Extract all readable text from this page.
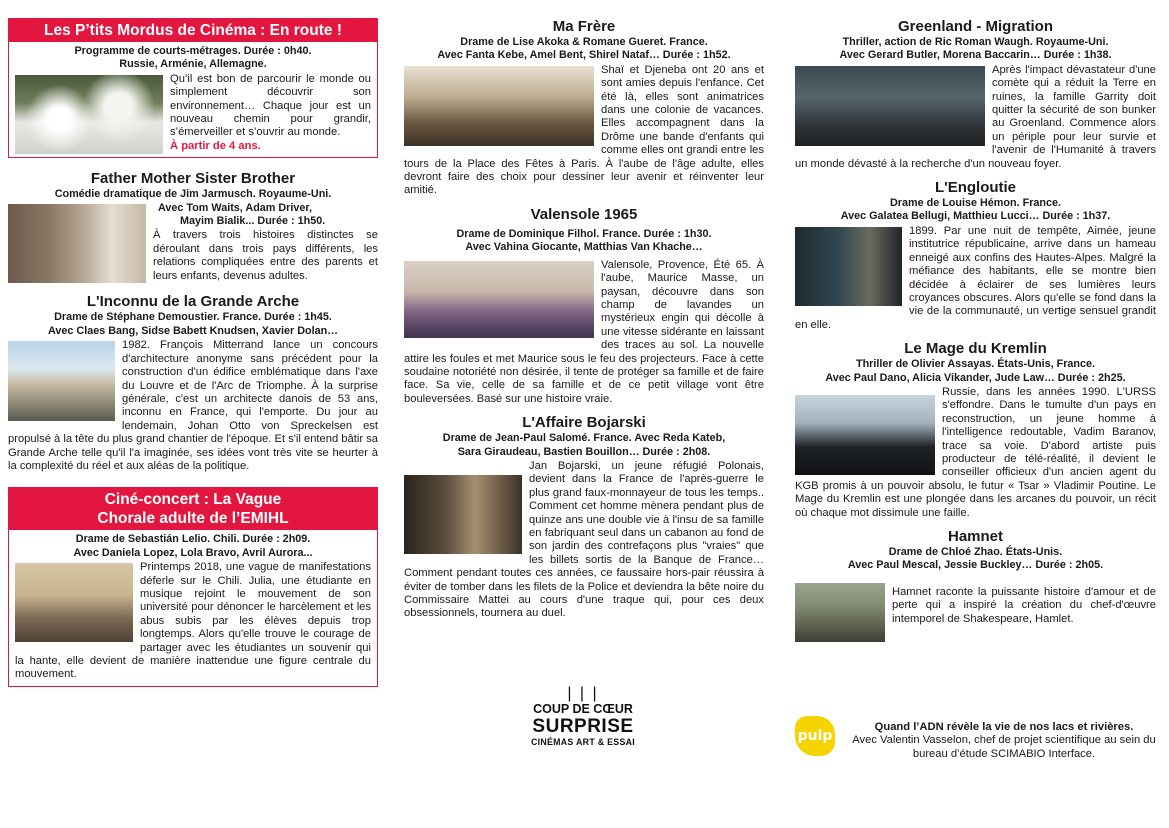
Les P’tits Mordus de Cinéma : En route !

Programme de courts-métrages. Durée : 0h40.

Russie, Arménie, Allemagne.

Qu’il est bon de parcourir le monde ou simplement découvrir son environnement… Chaque jour est un nouveau chemin pour grandir, s’émerveiller et s’ouvrir au monde.

À partir de 4 ans.

Father Mother Sister Brother

Comédie dramatique de Jim Jarmusch. Royaume-Uni.

Avec Tom Waits, Adam Driver,

Mayim Bialik... Durée : 1h50.

À travers trois histoires distinctes se déroulant dans trois pays différents, les relations compliquées entre des parents et leurs enfants, devenus adultes.

L'Inconnu de la Grande Arche

Drame de Stéphane Demoustier. France. Durée : 1h45.

Avec Claes Bang, Sidse Babett Knudsen, Xavier Dolan…

1982. François Mitterrand lance un concours d'architecture anonyme sans précédent pour la construction d'un édifice emblématique dans l'axe du Louvre et de l'Arc de Triomphe. À la surprise générale, c'est un architecte danois de 53 ans, inconnu en France, qui l'emporte. Du jour au lendemain, Johan Otto von Spreckelsen est propulsé à la tête du plus grand chantier de l'époque. Et s'il entend bâtir sa Grande Arche telle qu'il l'a imaginée, ses idées vont très vite se heurter à la complexité du réel et aux aléas de la politique.

Ciné-concert : La Vague
Chorale adulte de l’EMIHL

Drame de Sebastián Lelio. Chili. Durée : 2h09.

Avec Daniela Lopez, Lola Bravo, Avril Aurora...

Printemps 2018, une vague de manifestations déferle sur le Chili. Julia, une étudiante en musique rejoint le mouvement de son université pour dénoncer le harcèlement et les abus subis par les élèves depuis trop longtemps. Alors qu'elle trouve le courage de partager avec les étudiantes un souvenir qui la hante, elle devient de manière inattendue une figure centrale du mouvement.

Ma Frère

Drame de Lise Akoka & Romane Gueret. France.

Avec Fanta Kebe, Amel Bent, Shirel Nataf… Durée : 1h52.

Shaï et Djeneba ont 20 ans et sont amies depuis l'enfance. Cet été là, elles sont animatrices dans une colonie de vacances. Elles accompagnent dans la Drôme une bande d'enfants qui comme elles ont grandi entre les tours de la Place des Fêtes à Paris. À l'aube de l'âge adulte, elles devront faire des choix pour dessiner leur avenir et réinventer leur amitié.

Valensole 1965

Drame de Dominique Filhol. France. Durée : 1h30.

Avec Vahina Giocante, Matthias Van Khache…

Valensole, Provence, Été 65. À l'aube, Maurice Masse, un paysan, découvre dans son champ de lavandes un mystérieux engin qui décolle à une vitesse sidérante en laissant des traces au sol. La nouvelle attire les foules et met Maurice sous le feu des projecteurs. Face à cette soudaine notoriété non désirée, il tente de protéger sa famille et de faire face. Sa vie, celle de sa famille et de ce petit village vont être bouleversées. Basé sur une histoire vraie.

L'Affaire Bojarski

Drame de Jean-Paul Salomé. France. Avec Reda Kateb,

Sara Giraudeau, Bastien Bouillon… Durée : 2h08.

Jan Bojarski, un jeune réfugié Polonais, devient dans la France de l'après-guerre le plus grand faux-monnayeur de tous les temps.. Comment cet homme mènera pendant plus de quinze ans une double vie à l'insu de sa famille en fabriquant seul dans un cabanon au fond de son jardin des contrefaçons plus "vraies" que les billets sortis de la Banque de France… Comment pendant toutes ces années, ce faussaire hors-pair réussira à éviter de tomber dans les filets de la Police et deviendra la bête noire du Commissaire Mattei au cours d'une traque qui, pour ces deux obsessionnels, tournera au duel.

| | |
COUP DE CŒUR
SURPRISE
CINÉMAS ART & ESSAI

Greenland - Migration

Thriller, action de Ric Roman Waugh. Royaume-Uni.

Avec Gerard Butler, Morena Baccarin… Durée : 1h38.

Après l'impact dévastateur d'une comète qui a réduit la Terre en ruines, la famille Garrity doit quitter la sécurité de son bunker au Groenland. Commence alors un périple pour leur survie et l'avenir de l'Humanité à travers un monde dévasté à la recherche d'un nouveau foyer.

L'Engloutie

Drame de Louise Hémon. France.

Avec Galatea Bellugi, Matthieu Lucci… Durée : 1h37.

1899. Par une nuit de tempête, Aimée, jeune institutrice républicaine, arrive dans un hameau enneigé aux confins des Hautes-Alpes. Malgré la méfiance des habitants, elle se montre bien décidée à éclairer de ses lumières leurs croyances obscures. Alors qu'elle se fond dans la vie de la communauté, un vertige sensuel grandit en elle.

Le Mage du Kremlin

Thriller de Olivier Assayas. États-Unis, France.

Avec Paul Dano, Alicia Vikander, Jude Law… Durée : 2h25.

Russie, dans les années 1990. L'URSS s'effondre. Dans le tumulte d'un pays en reconstruction, un jeune homme à l'intelligence redoutable, Vadim Baranov, trace sa voie. D'abord artiste puis producteur de télé-réalité, il devient le conseiller officieux d'un ancien agent du KGB promis à un pouvoir absolu, le futur « Tsar » Vladimir Poutine. Le Mage du Kremlin est une plongée dans les arcanes du pouvoir, un récit où chaque mot dissimule une faille.

Hamnet

Drame de Chloé Zhao. États-Unis.

Avec Paul Mescal, Jessie Buckley… Durée : 2h05.

Hamnet raconte la puissante histoire d'amour et de perte qui a inspiré la création du chef-d'œuvre intemporel de Shakespeare, Hamlet.

pulp

Quand l’ADN révèle la vie de nos lacs et rivières.

Avec Valentin Vasselon, chef de projet scientifique au sein du bureau d’étude SCIMABIO Interface.
